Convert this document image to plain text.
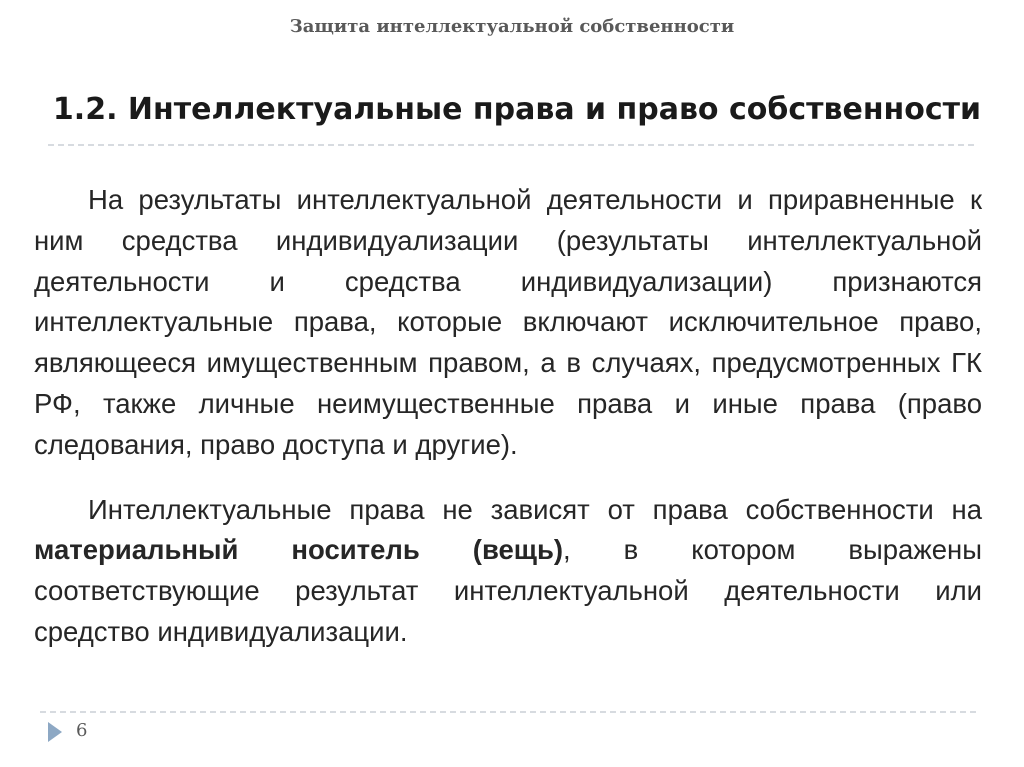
Защита интеллектуальной собственности
1.2. Интеллектуальные права и право собственности

На результаты интеллектуальной деятельности и приравненные к ним средства индивидуализации (результаты интеллектуальной деятельности и средства индивидуализации) признаются интеллектуальные права, которые включают исключительное право, являющееся имущественным правом, а в случаях, предусмотренных ГК РФ, также личные неимущественные права и иные права (право следования, право доступа и другие).

Интеллектуальные права не зависят от права собственности на материальный носитель (вещь), в котором выражены соответствующие результат интеллектуальной деятельности или средство индивидуализации.

6
